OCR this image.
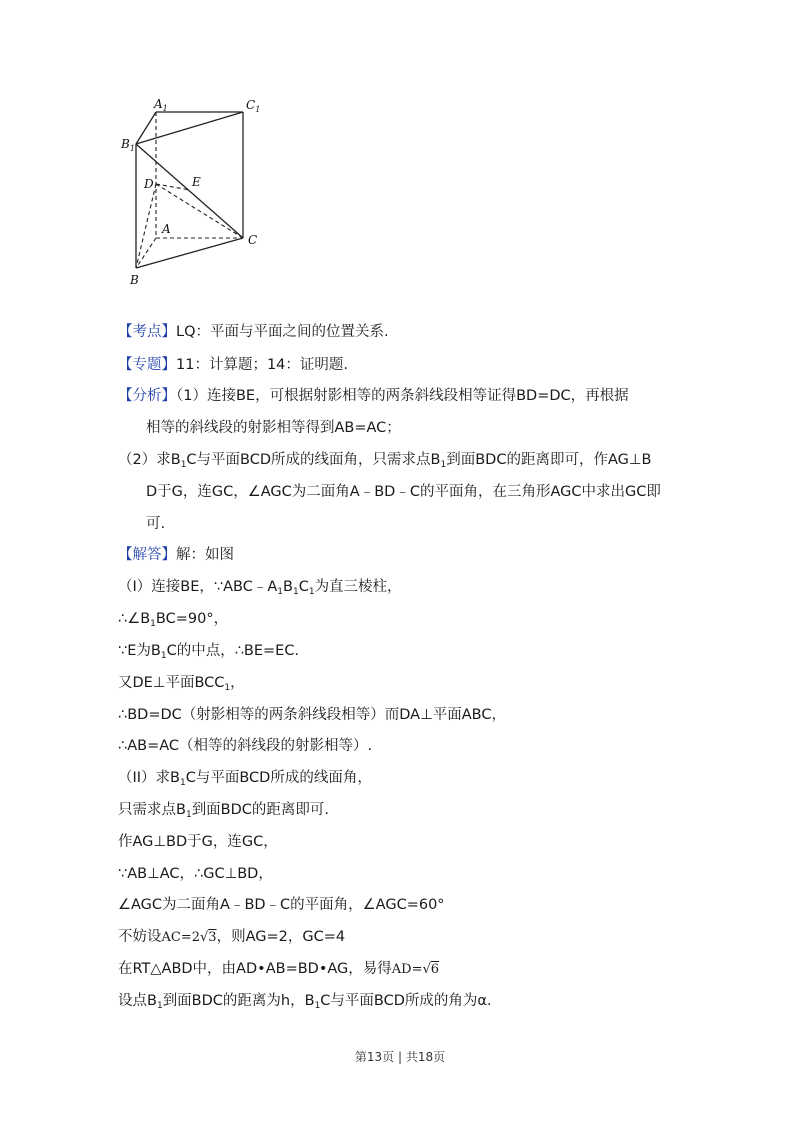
$A_1$	$C_1$
$B_1$
D	E
A
C
B
【考点】LQ：平面与平面之间的位置关系.
【专题】11：计算题；14：证明题.
【分析】（1）连接BE，可根据射影相等的两条斜线段相等证得BD=DC，再根据
相等的斜线段的射影相等得到AB=AC；
（2）求$B_1C$与平面BCD所成的线面角，只需求点$B_1$到面BDC的距离即可，作AG⊥B
D于G，连GC，∠AGC为二面角A﹣BD﹣C的平面角，在三角形AGC中求出GC即
可.
【解答】解：如图
（I）连接BE，$\because ABC﹣A_1B_1C_1$为直三棱柱，
$\therefore\angle B_1BC=90^\circ$，
∵E为$B_1C$的中点，∴BE=EC.
又DE⊥平面$BCC_1$，
∴BD=DC（射影相等的两条斜线段相等）而DA⊥平面ABC，
∴AB=AC（相等的斜线段的射影相等）.
（II）求$B_1C$与平面BCD所成的线面角，
只需求点$B_1$到面BDC的距离即可.
作AG⊥BD于G，连GC，
∵AB⊥AC，∴GC⊥BD，
∠AGC为二面角A﹣BD﹣C的平面角，∠AGC=60°
不妨设AC=2√3，则AG=2，GC=4
在RT△ABD中，由AD•AB=BD•AG，易得AD=√6
设点$B_1$到面BDC的距离为h，$B_1C$与平面BCD所成的角为α.
第13页 | 共18页
